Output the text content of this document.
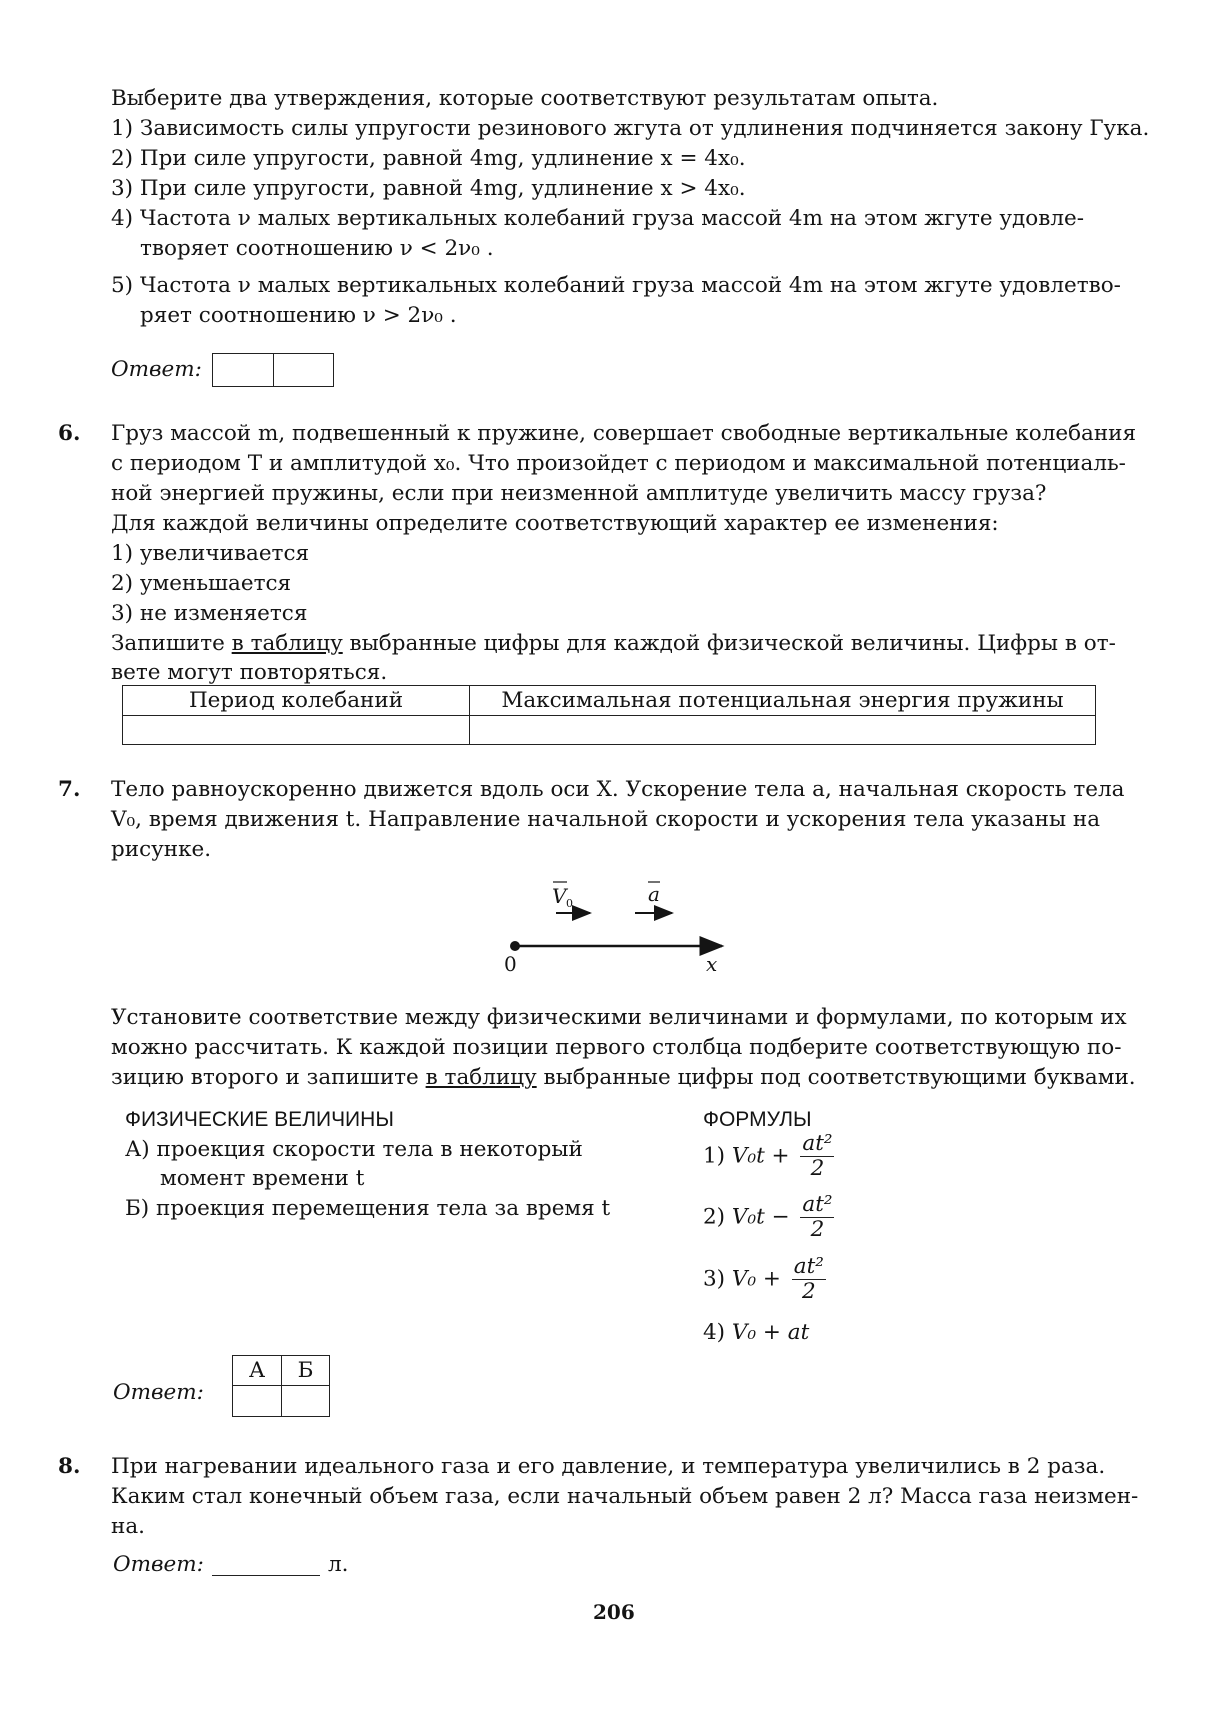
Выберите два утверждения, которые соответствуют результатам опыта.
1) Зависимость силы упругости резинового жгута от удлинения подчиняется закону Гука.
2) При силе упругости, равной 4mg, удлинение x = 4x₀.
3) При силе упругости, равной 4mg, удлинение x > 4x₀.
4) Частота ν малых вертикальных колебаний груза массой 4m на этом жгуте удовле-
творяет соотношению ν < 2ν₀ .
5) Частота ν малых вертикальных колебаний груза массой 4m на этом жгуте удовлетво-
ряет соотношению ν > 2ν₀ .
Ответ:

6. Груз массой m, подвешенный к пружине, совершает свободные вертикальные колебания
с периодом T и амплитудой x₀. Что произойдет с периодом и максимальной потенциаль-
ной энергией пружины, если при неизменной амплитуде увеличить массу груза?
Для каждой величины определите соответствующий характер ее изменения:
1) увеличивается
2) уменьшается
3) не изменяется
Запишите в таблицу выбранные цифры для каждой физической величины. Цифры в от-
вете могут повторяться.
Период колебаний	Максимальная потенциальная энергия пружины

7. Тело равноускоренно движется вдоль оси X. Ускорение тела a, начальная скорость тела
V₀, время движения t. Направление начальной скорости и ускорения тела указаны на
рисунке.
V 0	a
0	x
Установите соответствие между физическими величинами и формулами, по которым их
можно рассчитать. К каждой позиции первого столбца подберите соответствующую по-
зицию второго и запишите в таблицу выбранные цифры под соответствующими буквами.
ФИЗИЧЕСКИЕ ВЕЛИЧИНЫ	ФОРМУЛЫ
А) проекция скорости тела в некоторый
момент времени t
Б) проекция перемещения тела за время t
1) $V_0t + \frac{\text{at²}}{2}$
2) $V_0t - \frac{\text{at²}}{2}$
3) $V_0 + \frac{\text{at²}}{2}$
4) V₀ + at
Ответ:
А	Б

8. При нагревании идеального газа и его давление, и температура увеличились в 2 раза.
Каким стал конечный объем газа, если начальный объем равен 2 л? Масса газа неизмен-
на.
Ответ:	л.
206
